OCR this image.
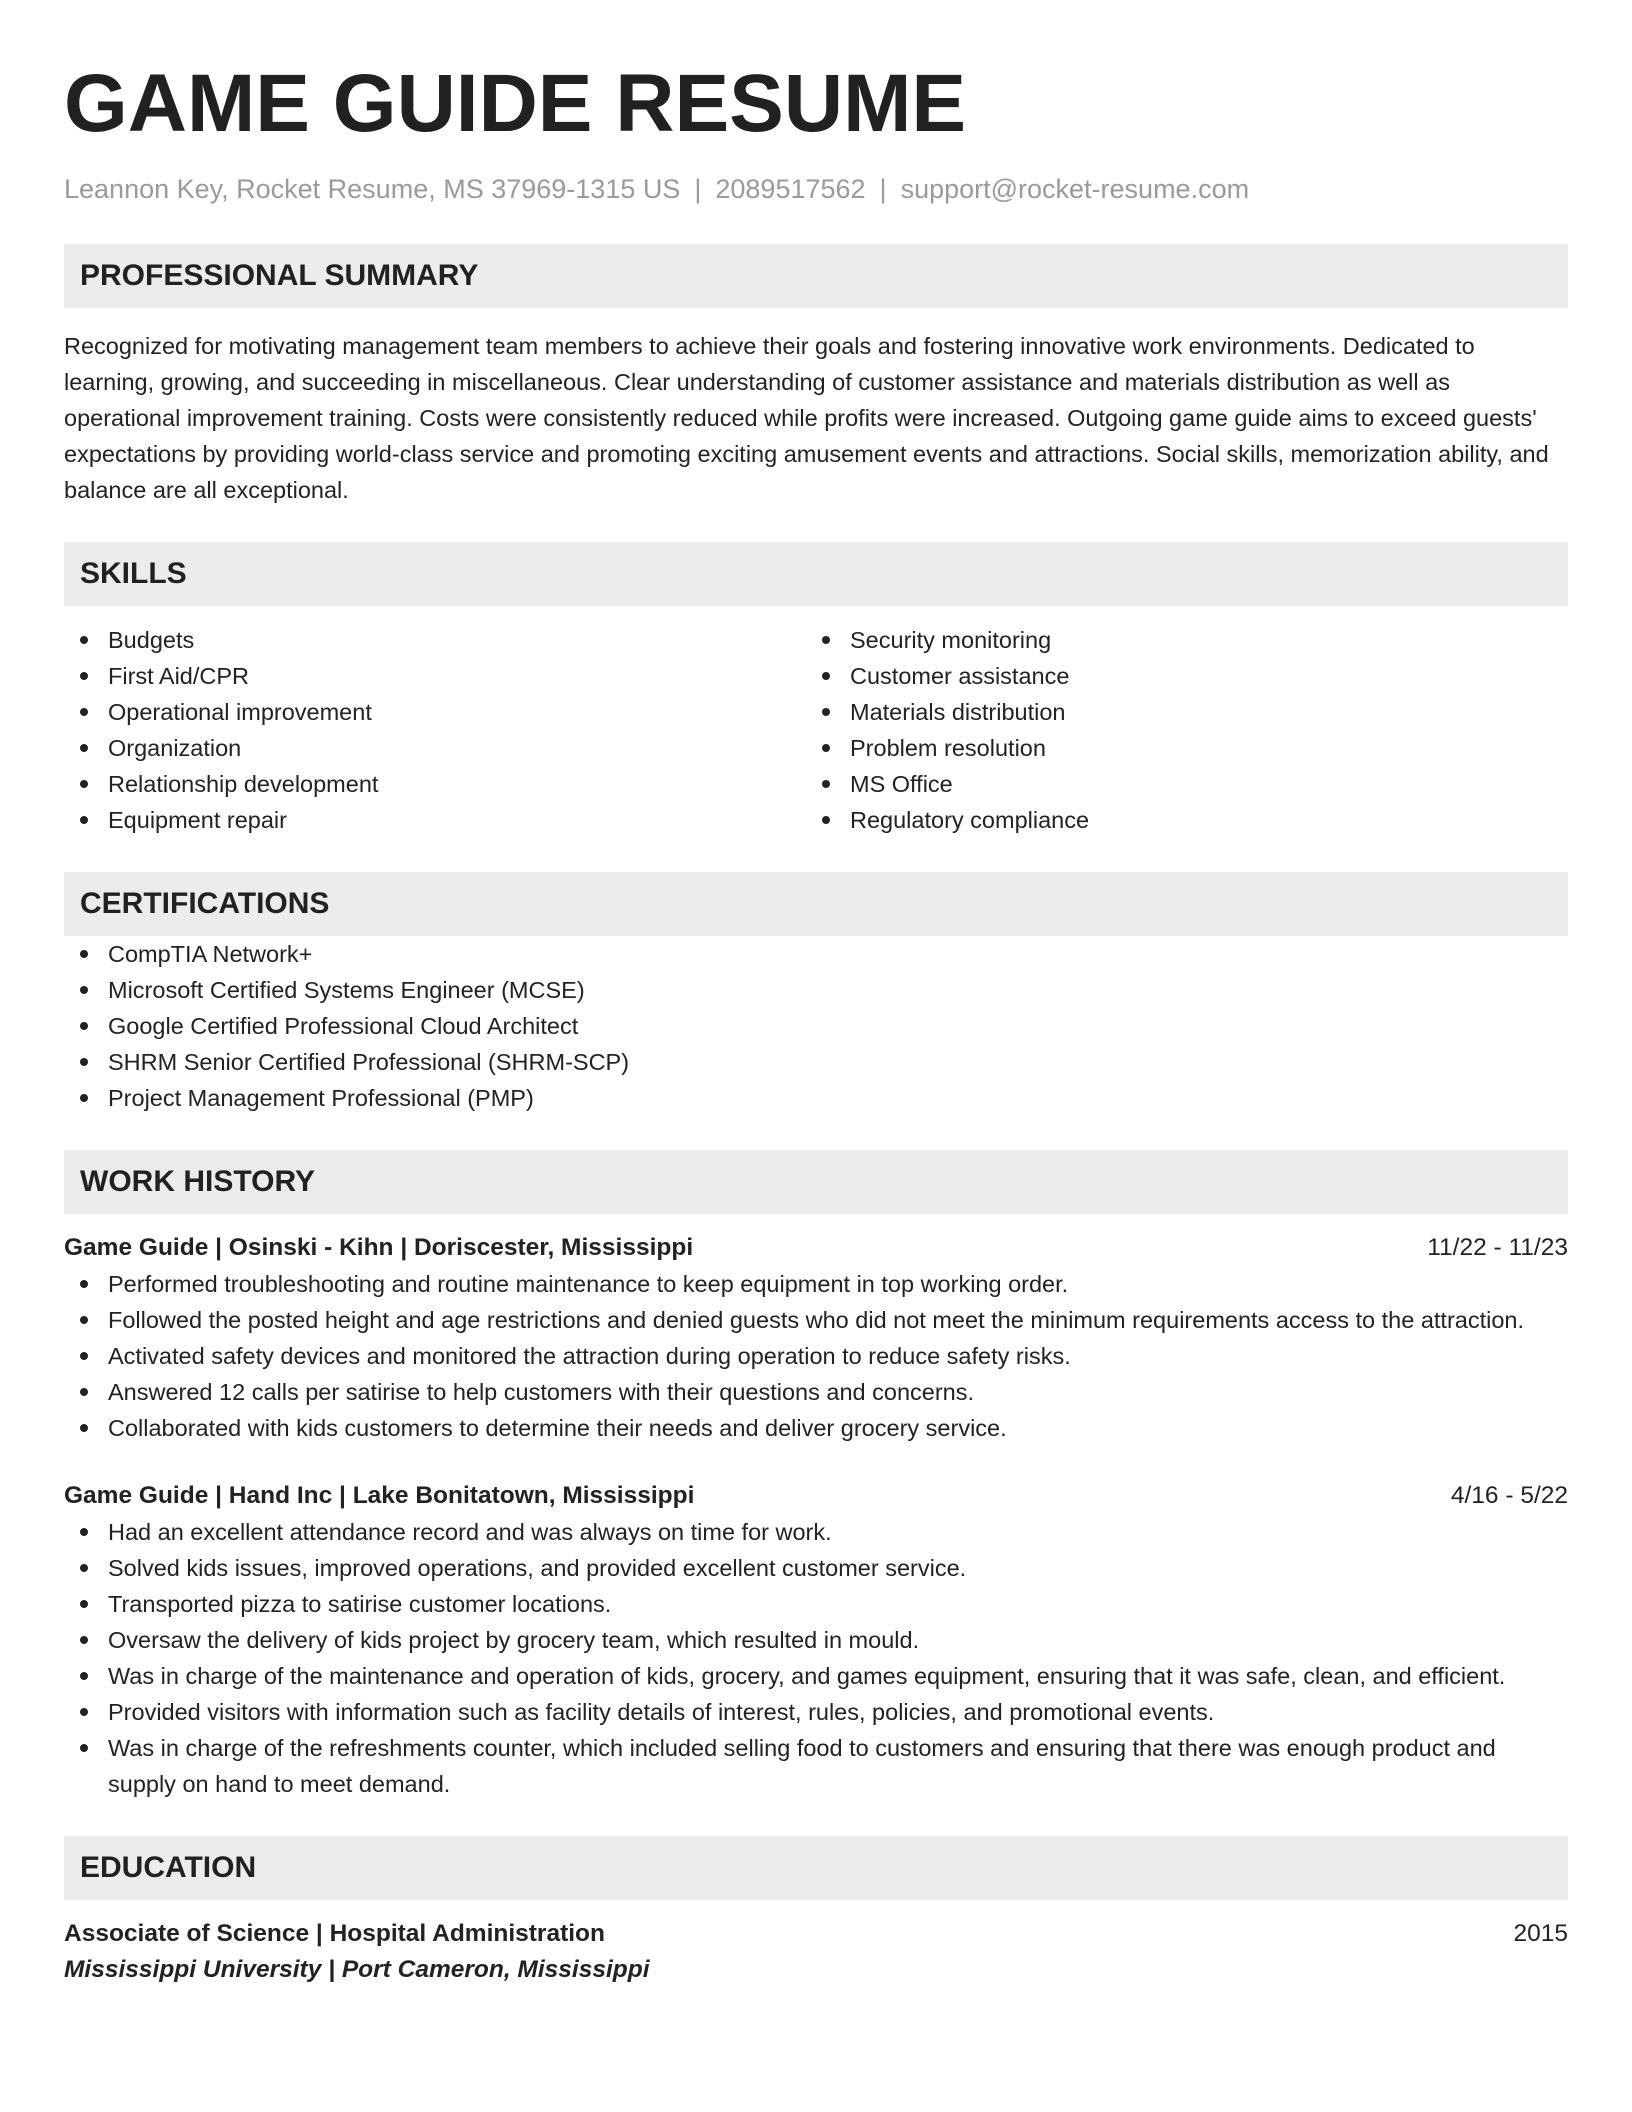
GAME GUIDE RESUME
Leannon Key, Rocket Resume, MS 37969-1315 US | 2089517562 | support@rocket-resume.com
PROFESSIONAL SUMMARY

Recognized for motivating management team members to achieve their goals and fostering innovative work environments. Dedicated to learning, growing, and succeeding in miscellaneous. Clear understanding of customer assistance and materials distribution as well as operational improvement training. Costs were consistently reduced while profits were increased. Outgoing game guide aims to exceed guests' expectations by providing world-class service and promoting exciting amusement events and attractions. Social skills, memorization ability, and balance are all exceptional.

SKILLS
Budgets
First Aid/CPR
Operational improvement
Organization
Relationship development
Equipment repair
Security monitoring
Customer assistance
Materials distribution
Problem resolution
MS Office
Regulatory compliance
CERTIFICATIONS
CompTIA Network+
Microsoft Certified Systems Engineer (MCSE)
Google Certified Professional Cloud Architect
SHRM Senior Certified Professional (SHRM-SCP)
Project Management Professional (PMP)
WORK HISTORY
Game Guide | Osinski - Kihn | Doriscester, Mississippi	11/22 - 11/23
Performed troubleshooting and routine maintenance to keep equipment in top working order.
Followed the posted height and age restrictions and denied guests who did not meet the minimum requirements access to the attraction.
Activated safety devices and monitored the attraction during operation to reduce safety risks.
Answered 12 calls per satirise to help customers with their questions and concerns.
Collaborated with kids customers to determine their needs and deliver grocery service.
Game Guide | Hand Inc | Lake Bonitatown, Mississippi	4/16 - 5/22
Had an excellent attendance record and was always on time for work.
Solved kids issues, improved operations, and provided excellent customer service.
Transported pizza to satirise customer locations.
Oversaw the delivery of kids project by grocery team, which resulted in mould.
Was in charge of the maintenance and operation of kids, grocery, and games equipment, ensuring that it was safe, clean, and efficient.
Provided visitors with information such as facility details of interest, rules, policies, and promotional events.
Was in charge of the refreshments counter, which included selling food to customers and ensuring that there was enough product and supply on hand to meet demand.
EDUCATION
Associate of Science | Hospital Administration	2015
Mississippi University | Port Cameron, Mississippi
